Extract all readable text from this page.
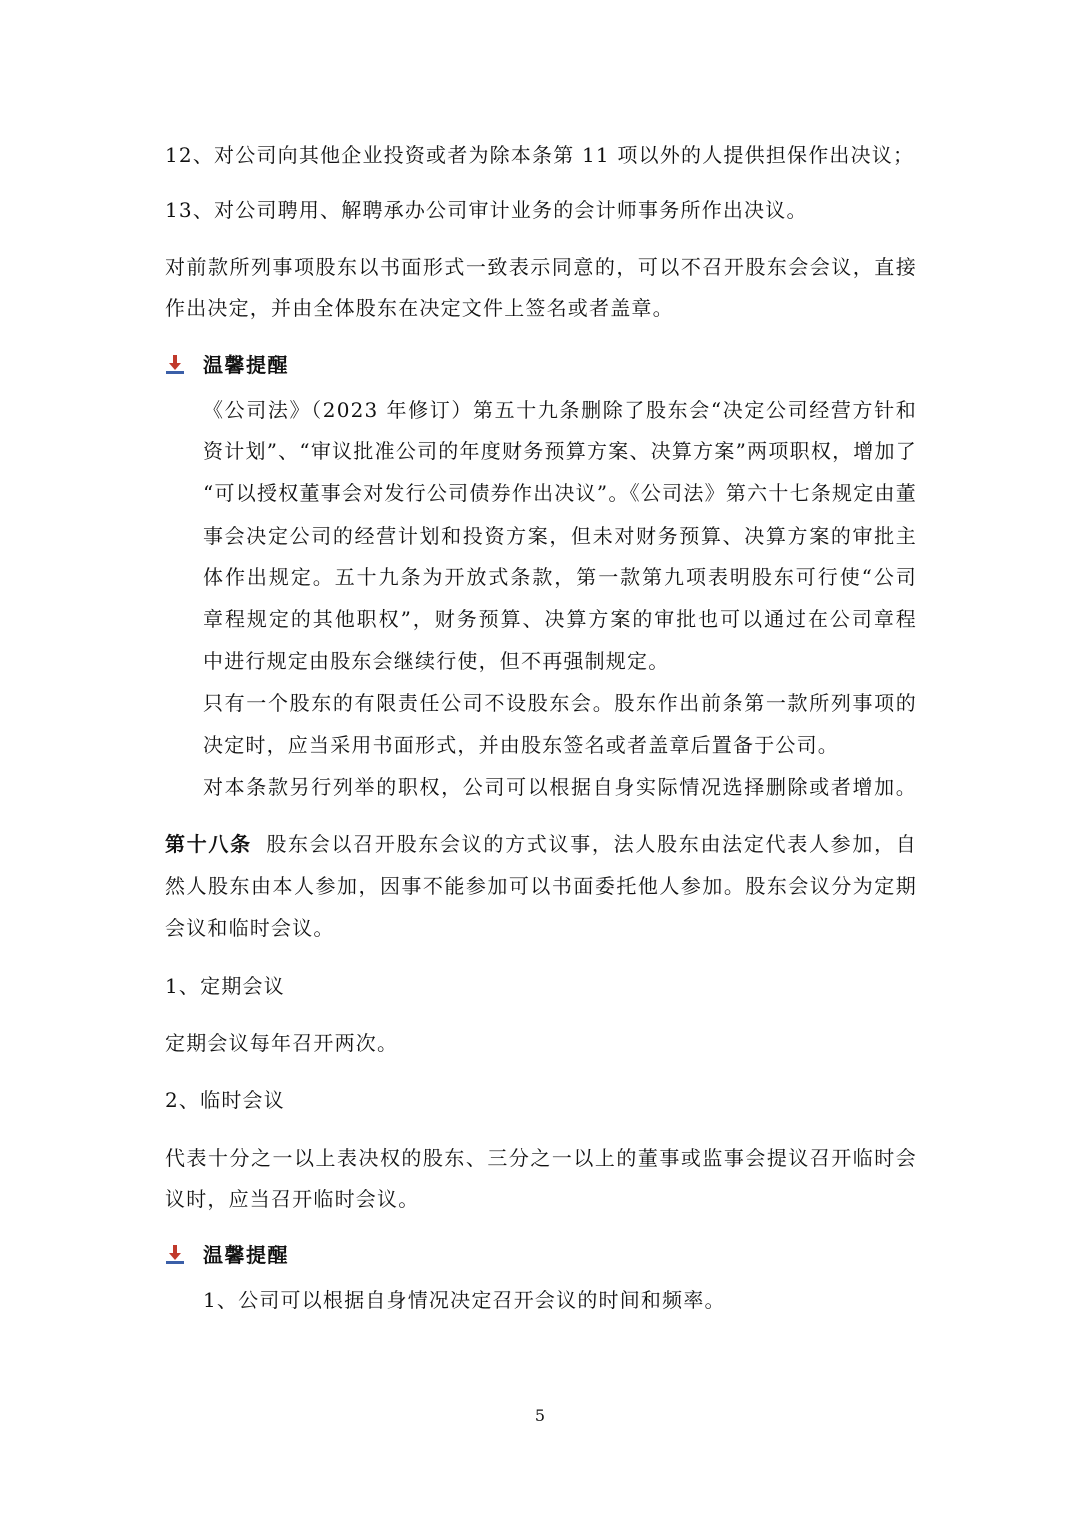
12、对公司向其他企业投资或者为除本条第 11 项以外的人提供担保作出决议；
13、对公司聘用、解聘承办公司审计业务的会计师事务所作出决议。
对前款所列事项股东以书面形式一致表示同意的，可以不召开股东会会议，直接
作出决定，并由全体股东在决定文件上签名或者盖章。
温馨提醒
《公司法》（2023 年修订）第五十九条删除了股东会“决定公司经营方针和
资计划”、“审议批准公司的年度财务预算方案、决算方案”两项职权，增加了
“可以授权董事会对发行公司债券作出决议”。《公司法》第六十七条规定由董
事会决定公司的经营计划和投资方案，但未对财务预算、决算方案的审批主
体作出规定。五十九条为开放式条款，第一款第九项表明股东可行使“公司
章程规定的其他职权”，财务预算、决算方案的审批也可以通过在公司章程
中进行规定由股东会继续行使，但不再强制规定。
只有一个股东的有限责任公司不设股东会。股东作出前条第一款所列事项的
决定时，应当采用书面形式，并由股东签名或者盖章后置备于公司。
对本条款另行列举的职权，公司可以根据自身实际情况选择删除或者增加。
第十八条 股东会以召开股东会议的方式议事，法人股东由法定代表人参加，自
然人股东由本人参加，因事不能参加可以书面委托他人参加。股东会议分为定期
会议和临时会议。
1、定期会议
定期会议每年召开两次。
2、临时会议
代表十分之一以上表决权的股东、三分之一以上的董事或监事会提议召开临时会
议时，应当召开临时会议。
温馨提醒
1、公司可以根据自身情况决定召开会议的时间和频率。
5
